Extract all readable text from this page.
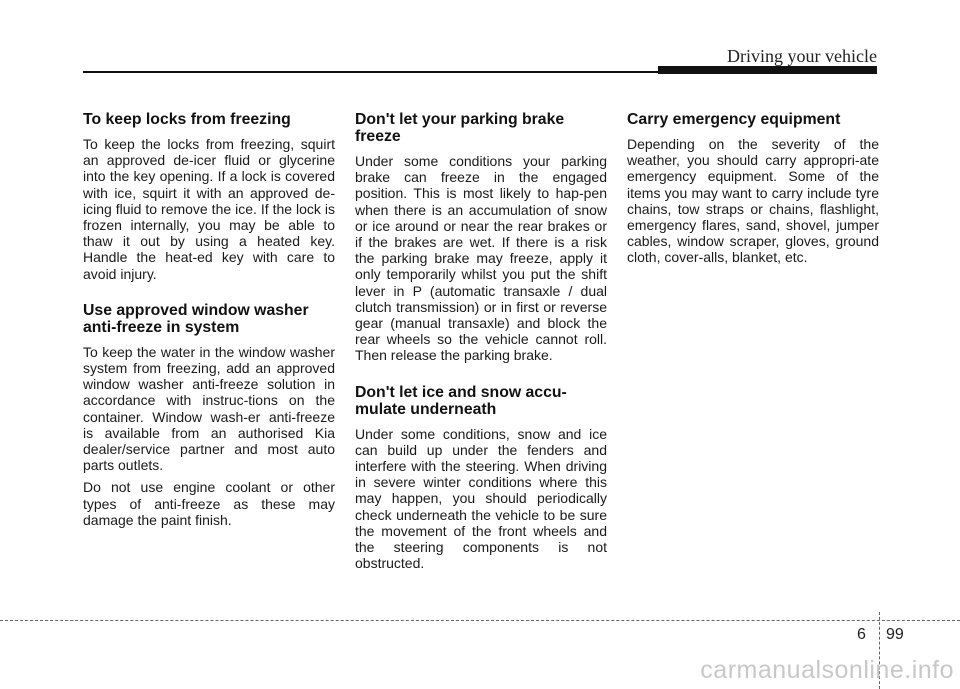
Driving your vehicle
To keep locks from freezing

To keep the locks from freezing, squirt an approved de-icer fluid or glycerine into the key opening. If a lock is covered with ice, squirt it with an approved de-icing fluid to remove the ice. If the lock is frozen internally, you may be able to thaw it out by using a heated key. Handle the heat-ed key with care to avoid injury.

Use approved window washer anti-freeze in system

To keep the water in the window washer system from freezing, add an approved window washer anti-freeze solution in accordance with instruc-tions on the container. Window wash-er anti-freeze is available from an authorised Kia dealer/service partner and most auto parts outlets.

Do not use engine coolant or other types of anti-freeze as these may damage the paint finish.

Don't let your parking brake freeze

Under some conditions your parking brake can freeze in the engaged position. This is most likely to hap-pen when there is an accumulation of snow or ice around or near the rear brakes or if the brakes are wet. If there is a risk the parking brake may freeze, apply it only temporarily whilst you put the shift lever in P (automatic transaxle / dual clutch transmission) or in first or reverse gear (manual transaxle) and block the rear wheels so the vehicle cannot roll. Then release the parking brake.

Don't let ice and snow accu-mulate underneath

Under some conditions, snow and ice can build up under the fenders and interfere with the steering. When driving in severe winter conditions where this may happen, you should periodically check underneath the vehicle to be sure the movement of the front wheels and the steering components is not obstructed.

Carry emergency equipment

Depending on the severity of the weather, you should carry appropri-ate emergency equipment. Some of the items you may want to carry include tyre chains, tow straps or chains, flashlight, emergency flares, sand, shovel, jumper cables, window scraper, gloves, ground cloth, cover-alls, blanket, etc.

6 99
carmanualsonline.info
